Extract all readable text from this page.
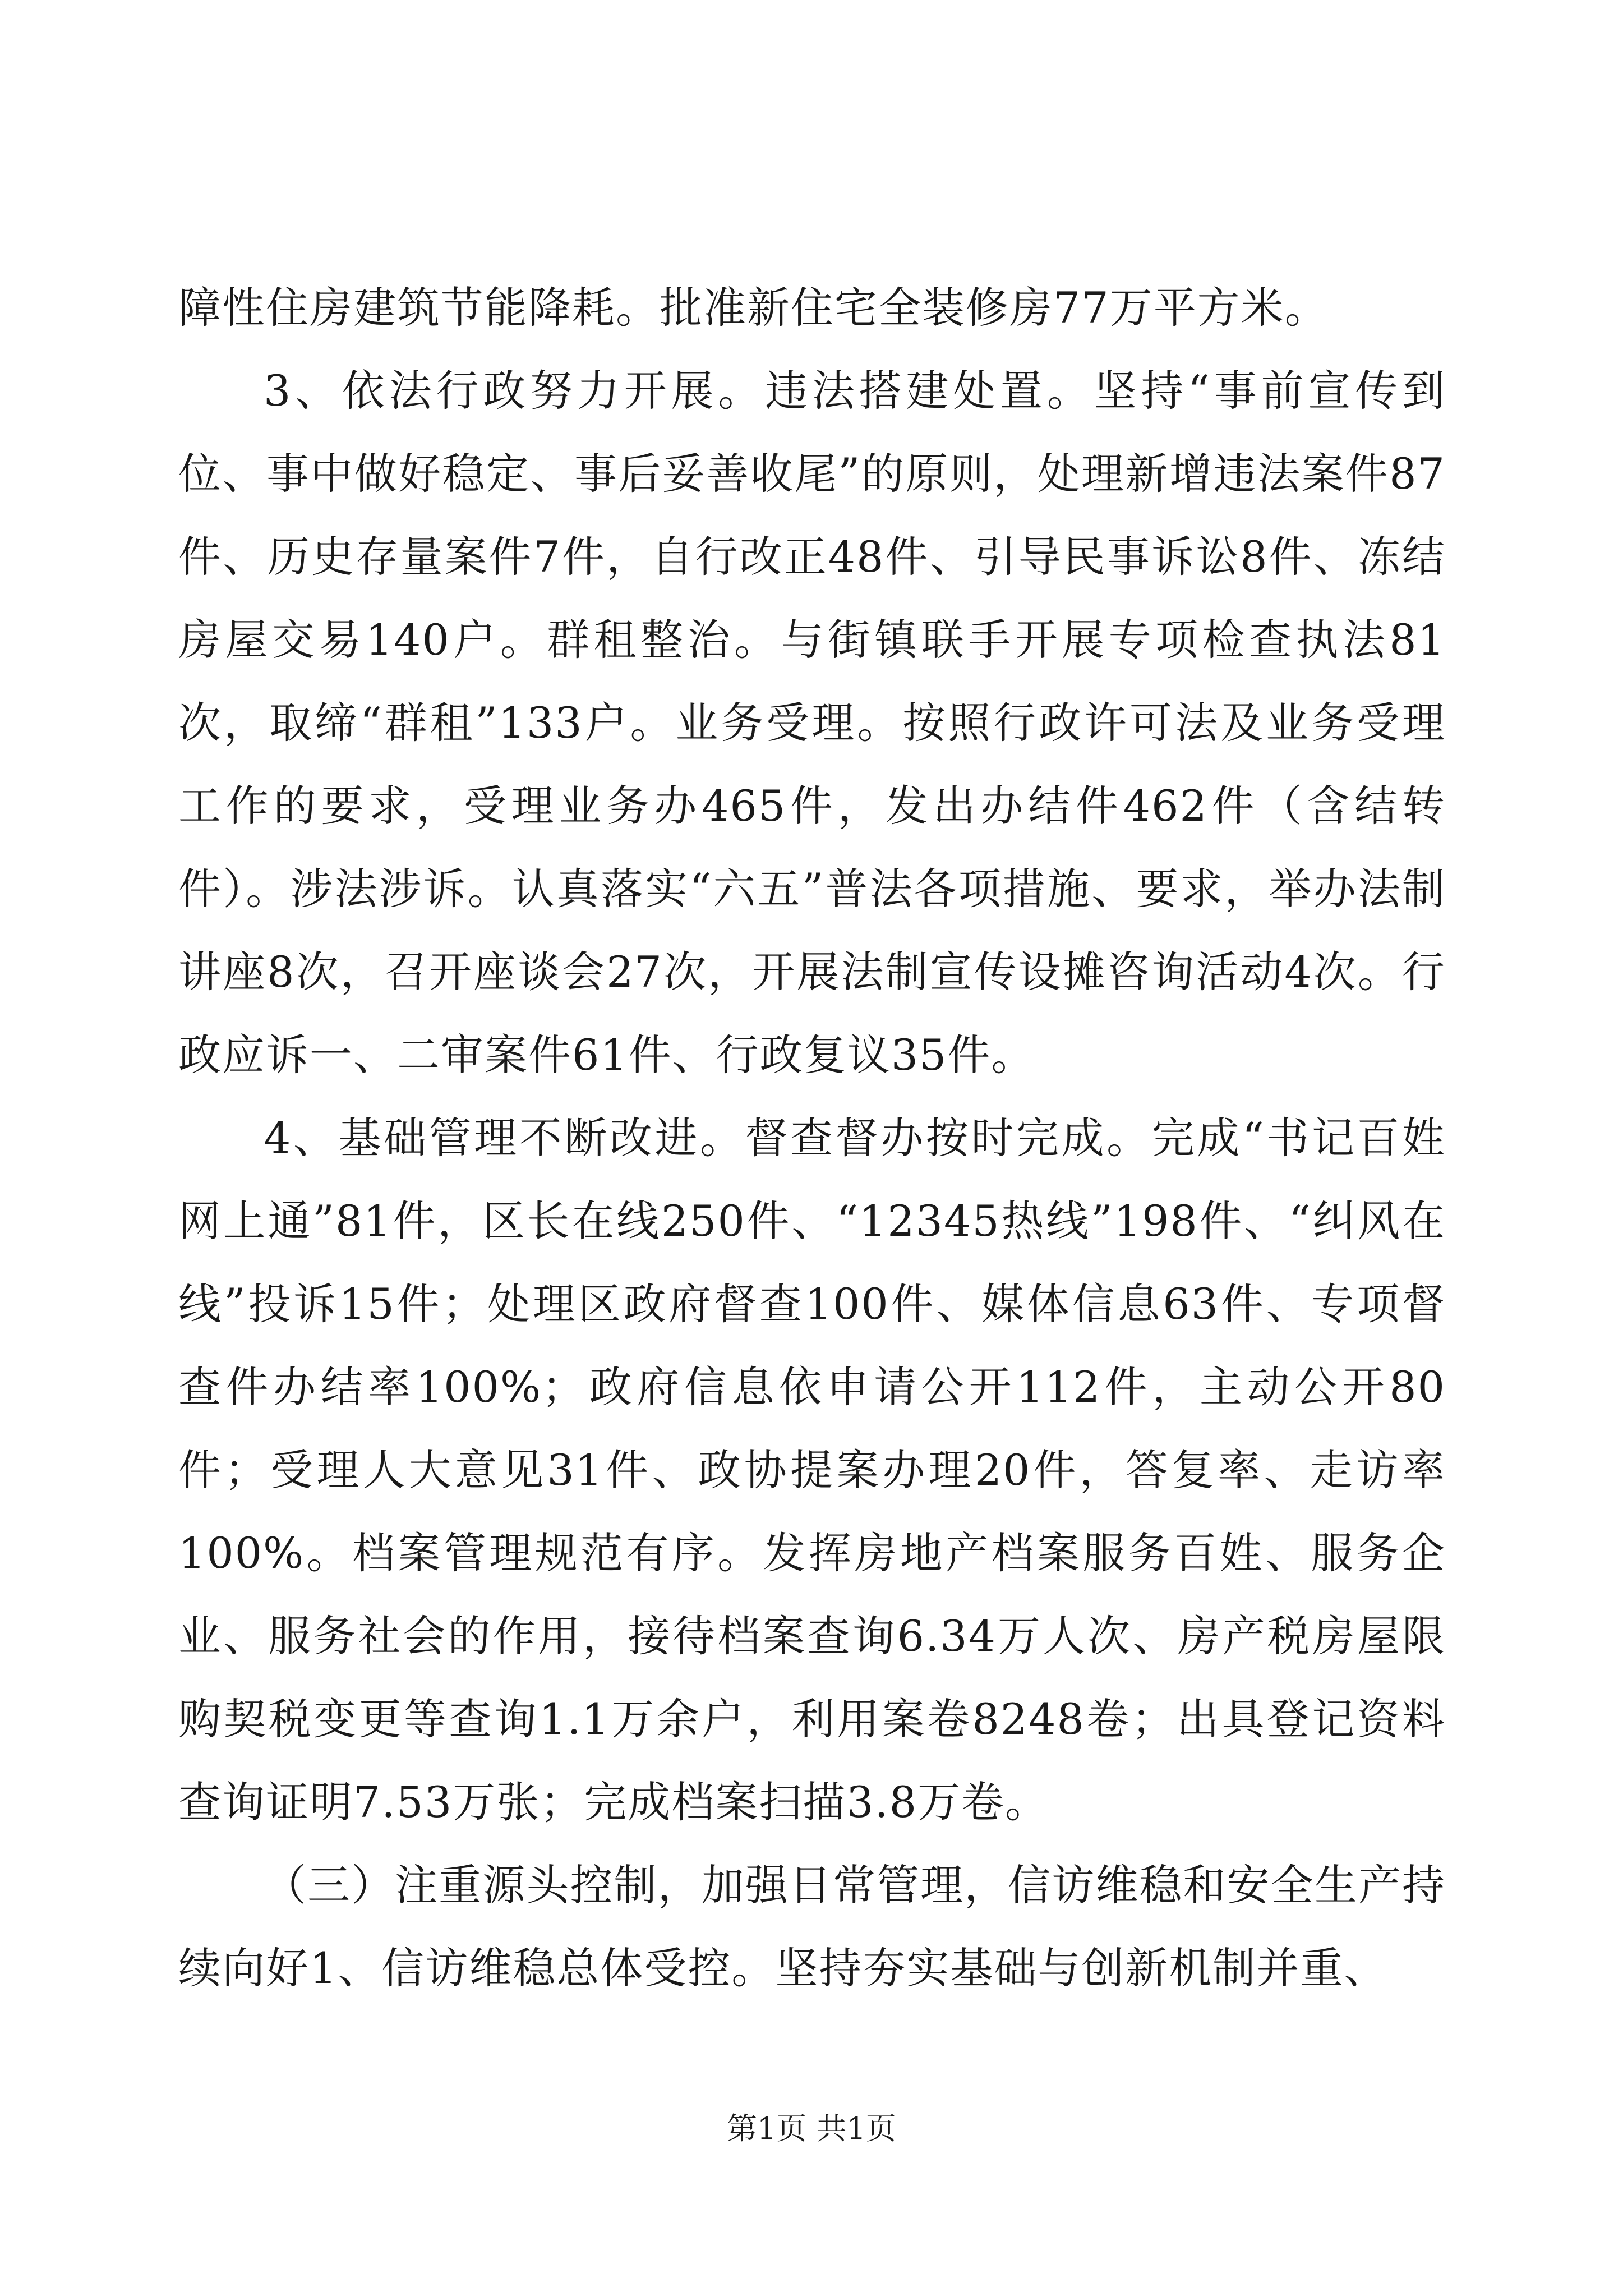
障性住房建筑节能降耗。批准新住宅全装修房77万平方米。

3、依法行政努力开展。违法搭建处置。坚持“事前宣传到位、事中做好稳定、事后妥善收尾”的原则，处理新增违法案件87件、历史存量案件7件，自行改正48件、引导民事诉讼8件、冻结房屋交易140户。群租整治。与街镇联手开展专项检查执法81次，取缔“群租”133户。业务受理。按照行政许可法及业务受理工作的要求，受理业务办465件，发出办结件462件（含结转件）。涉法涉诉。认真落实“六五”普法各项措施、要求，举办法制讲座8次，召开座谈会27次，开展法制宣传设摊咨询活动4次。行政应诉一、二审案件61件、行政复议35件。

4、基础管理不断改进。督查督办按时完成。完成“书记百姓网上通”81件，区长在线250件、“12345热线”198件、“纠风在线”投诉15件；处理区政府督查100件、媒体信息63件、专项督查件办结率100%；政府信息依申请公开112件，主动公开80件；受理人大意见31件、政协提案办理20件，答复率、走访率100%。档案管理规范有序。发挥房地产档案服务百姓、服务企业、服务社会的作用，接待档案查询6.34万人次、房产税房屋限购契税变更等查询1.1万余户，利用案卷8248卷；出具登记资料查询证明7.53万张；完成档案扫描3.8万卷。

（三）注重源头控制，加强日常管理，信访维稳和安全生产持续向好1、信访维稳总体受控。坚持夯实基础与创新机制并重、

第1页 共1页
